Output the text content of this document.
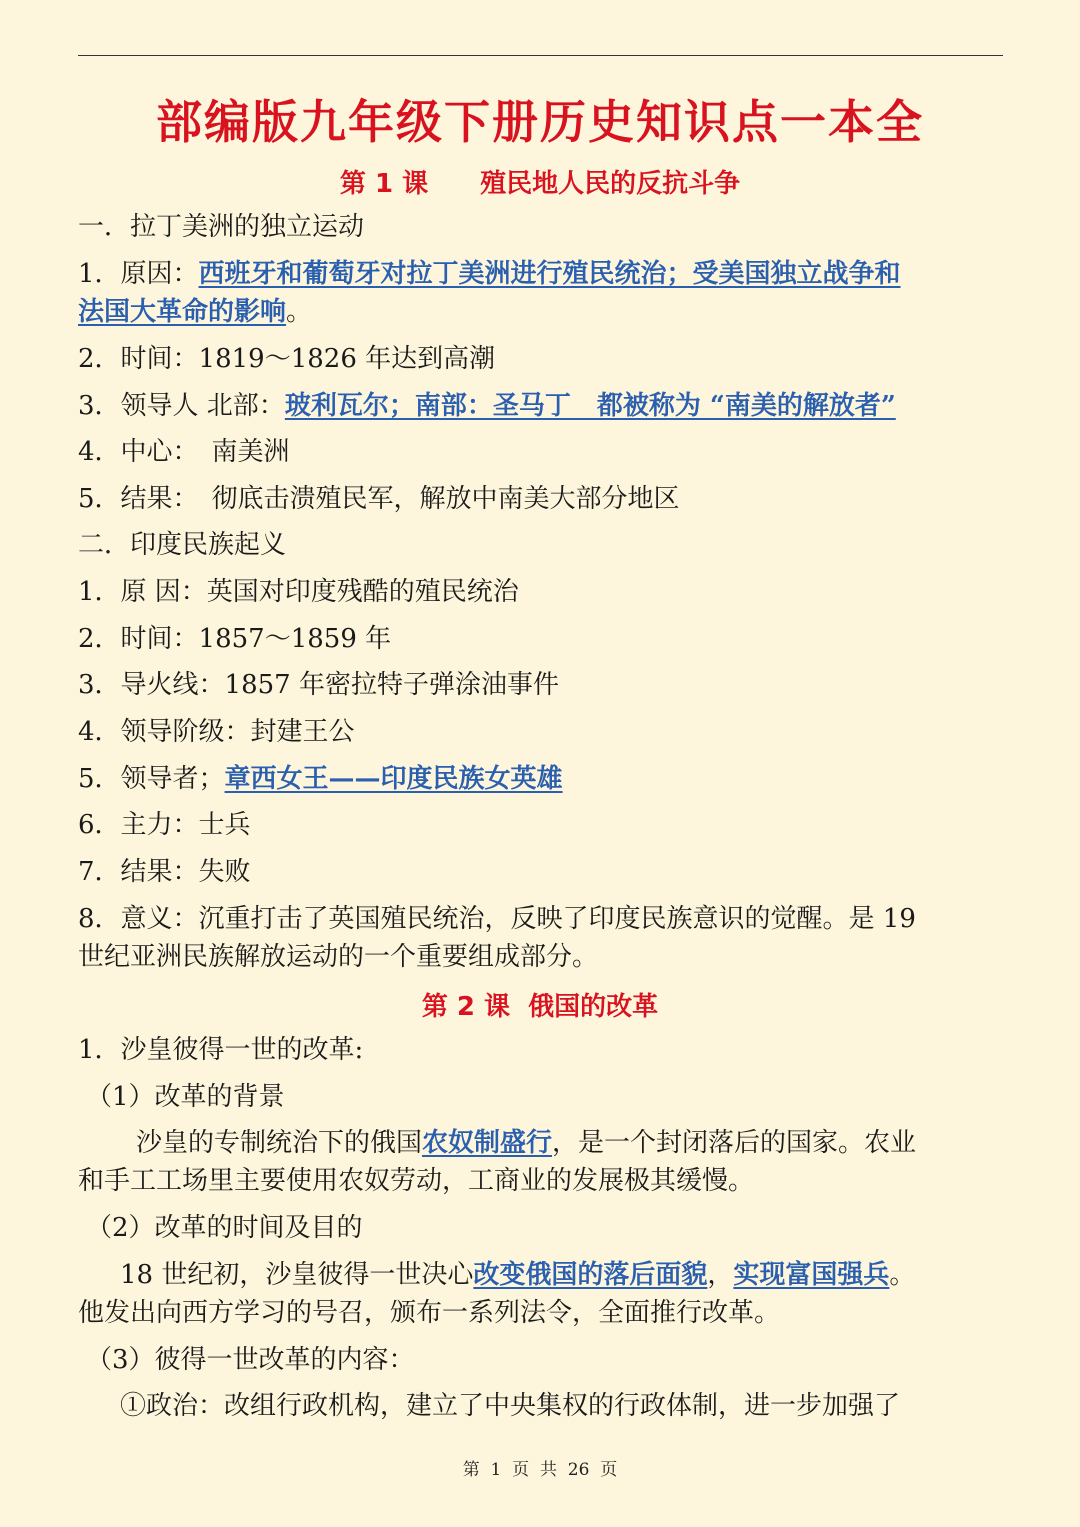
部编版九年级下册历史知识点一本全
第 1 课　　殖民地人民的反抗斗争
一．拉丁美洲的独立运动
1．原因：西班牙和葡萄牙对拉丁美洲进行殖民统治；受美国独立战争和
法国大革命的影响。
2．时间：1819～1826 年达到高潮
3．领导人 北部：玻利瓦尔；南部：圣马丁　都被称为 “南美的解放者”
4．中心：　南美洲
5．结果：　彻底击溃殖民军，解放中南美大部分地区
二．印度民族起义
1．原 因：英国对印度残酷的殖民统治
2．时间：1857～1859 年
3．导火线：1857 年密拉特子弹涂油事件
4．领导阶级：封建王公
5．领导者；章西女王——印度民族女英雄
6．主力：士兵
7．结果：失败
8．意义：沉重打击了英国殖民统治，反映了印度民族意识的觉醒。是 19
世纪亚洲民族解放运动的一个重要组成部分。
第 2 课  俄国的改革
1．沙皇彼得一世的改革:
（1）改革的背景
沙皇的专制统治下的俄国农奴制盛行，是一个封闭落后的国家。农业
和手工工场里主要使用农奴劳动，工商业的发展极其缓慢。
（2）改革的时间及目的
18 世纪初，沙皇彼得一世决心改变俄国的落后面貌，实现富国强兵。
他发出向西方学习的号召，颁布一系列法令，全面推行改革。
（3）彼得一世改革的内容：
①政治：改组行政机构，建立了中央集权的行政体制，进一步加强了
第  1  页  共  26  页
